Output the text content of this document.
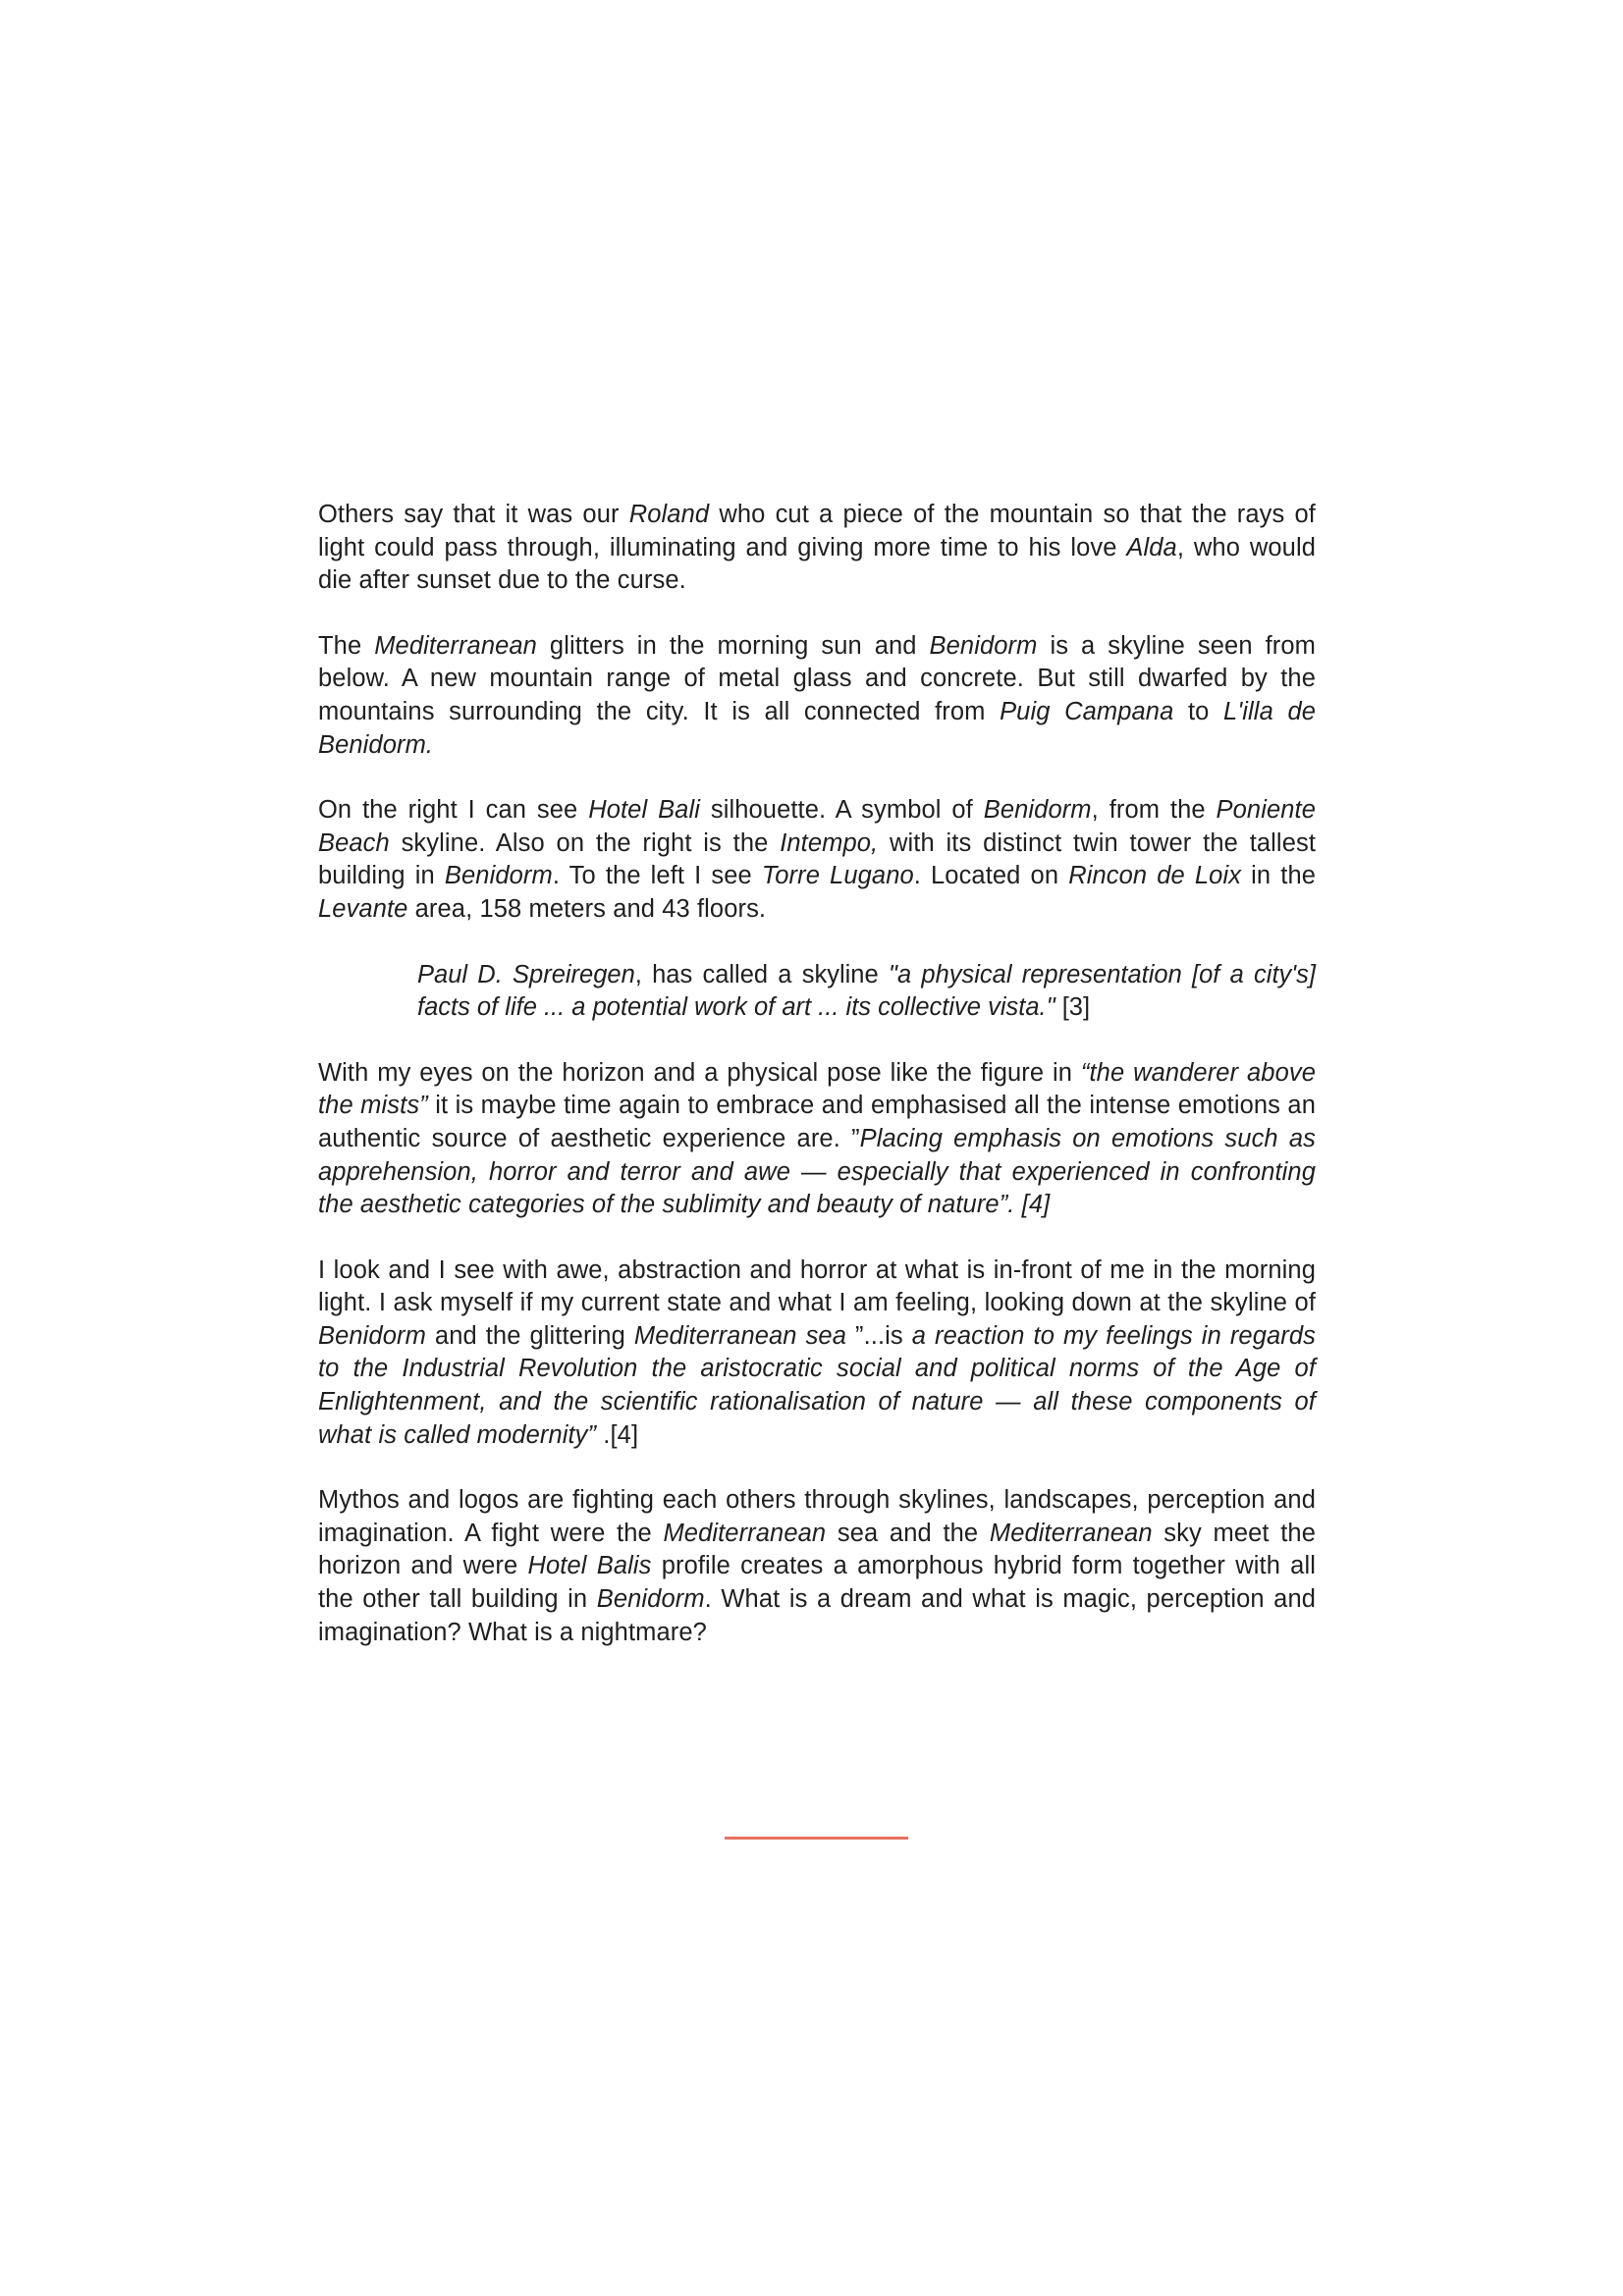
Others say that it was our Roland who cut a piece of the mountain so that the rays of light could pass through, illuminating and giving more time to his love Alda, who would die after sunset due to the curse.

The Mediterranean glitters in the morning sun and Benidorm is a skyline seen from below. A new mountain range of metal glass and concrete. But still dwarfed by the mountains surrounding the city. It is all connected from Puig Campana to L'illa de Benidorm.

On the right I can see Hotel Bali silhouette. A symbol of Benidorm, from the Poniente Beach skyline. Also on the right is the Intempo, with its distinct twin tower the tallest building in Benidorm. To the left I see Torre Lugano. Located on Rincon de Loix in the Levante area, 158 meters and 43 floors.

Paul D. Spreiregen, has called a skyline "a physical representation [of a city's] facts of life ... a potential work of art ... its collective vista." [3]

With my eyes on the horizon and a physical pose like the figure in “the wanderer above the mists” it is maybe time again to embrace and emphasised all the intense emotions an authentic source of aesthetic experience are. ”Placing emphasis on emotions such as apprehension, horror and terror and awe — especially that experienced in confronting the aesthetic categories of the sublimity and beauty of nature”. [4]

I look and I see with awe, abstraction and horror at what is in-front of me in the morning light. I ask myself if my current state and what I am feeling, looking down at the skyline of Benidorm and the glittering Mediterranean sea ”...is a reaction to my feelings in regards to the Industrial Revolution the aristocratic social and political norms of the Age of Enlightenment, and the scientific rationalisation of nature — all these components of what is called modernity” .[4]

Mythos and logos are fighting each others through skylines, landscapes, perception and imagination. A fight were the Mediterranean sea and the Mediterranean sky meet the horizon and were Hotel Balis profile creates a amorphous hybrid form together with all the other tall building in Benidorm. What is a dream and what is magic, perception and imagination? What is a nightmare?
